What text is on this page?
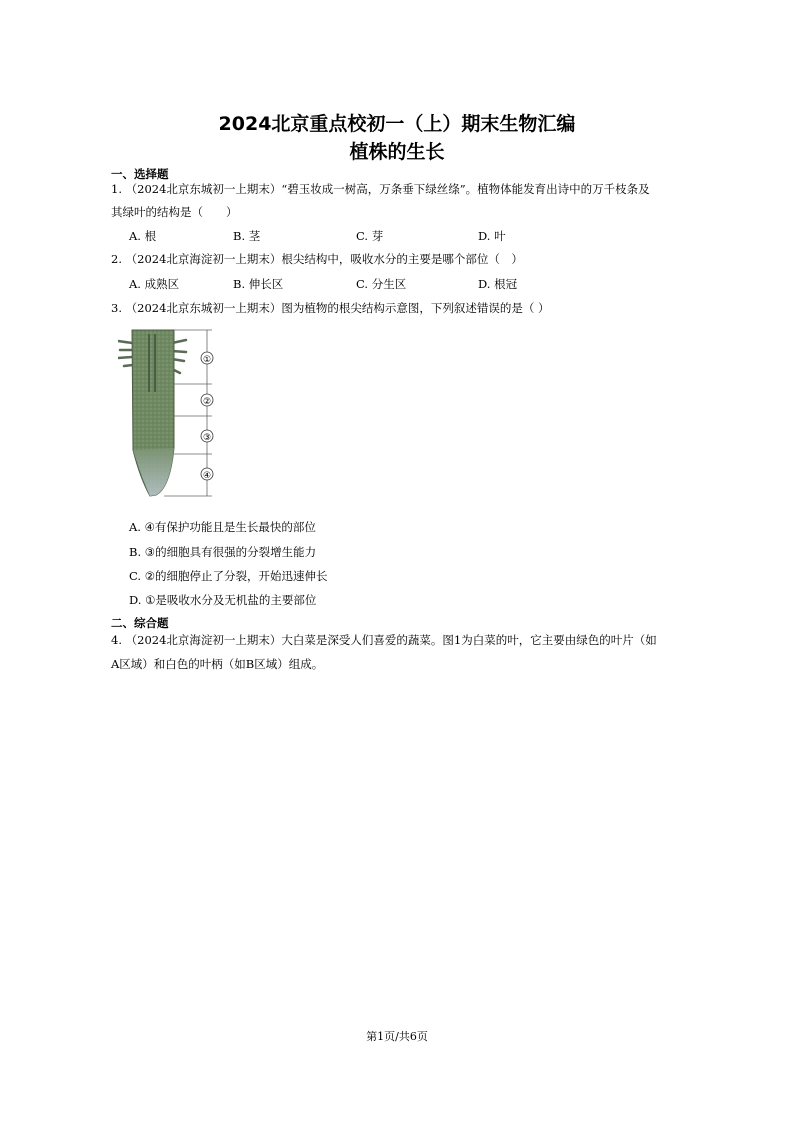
2024北京重点校初一（上）期末生物汇编
植株的生长
一、选择题
1. （2024北京东城初一上期末）“碧玉妆成一树高，万条垂下绿丝绦”。植物体能发育出诗中的万千枝条及
其绿叶的结构是（　　）
A. 根	B. 茎	C. 芽	D. 叶
2. （2024北京海淀初一上期末）根尖结构中，吸收水分的主要是哪个部位（　）
A. 成熟区	B. 伸长区	C. 分生区	D. 根冠
3. （2024北京东城初一上期末）图为植物的根尖结构示意图，下列叙述错误的是（ ）
①
②
③
④
A. ④有保护功能且是生长最快的部位
B. ③的细胞具有很强的分裂增生能力
C. ②的细胞停止了分裂，开始迅速伸长
D. ①是吸收水分及无机盐的主要部位
二、综合题
4. （2024北京海淀初一上期末）大白菜是深受人们喜爱的蔬菜。图1为白菜的叶，它主要由绿色的叶片（如
A区域）和白色的叶柄（如B区域）组成。
第1页/共6页
